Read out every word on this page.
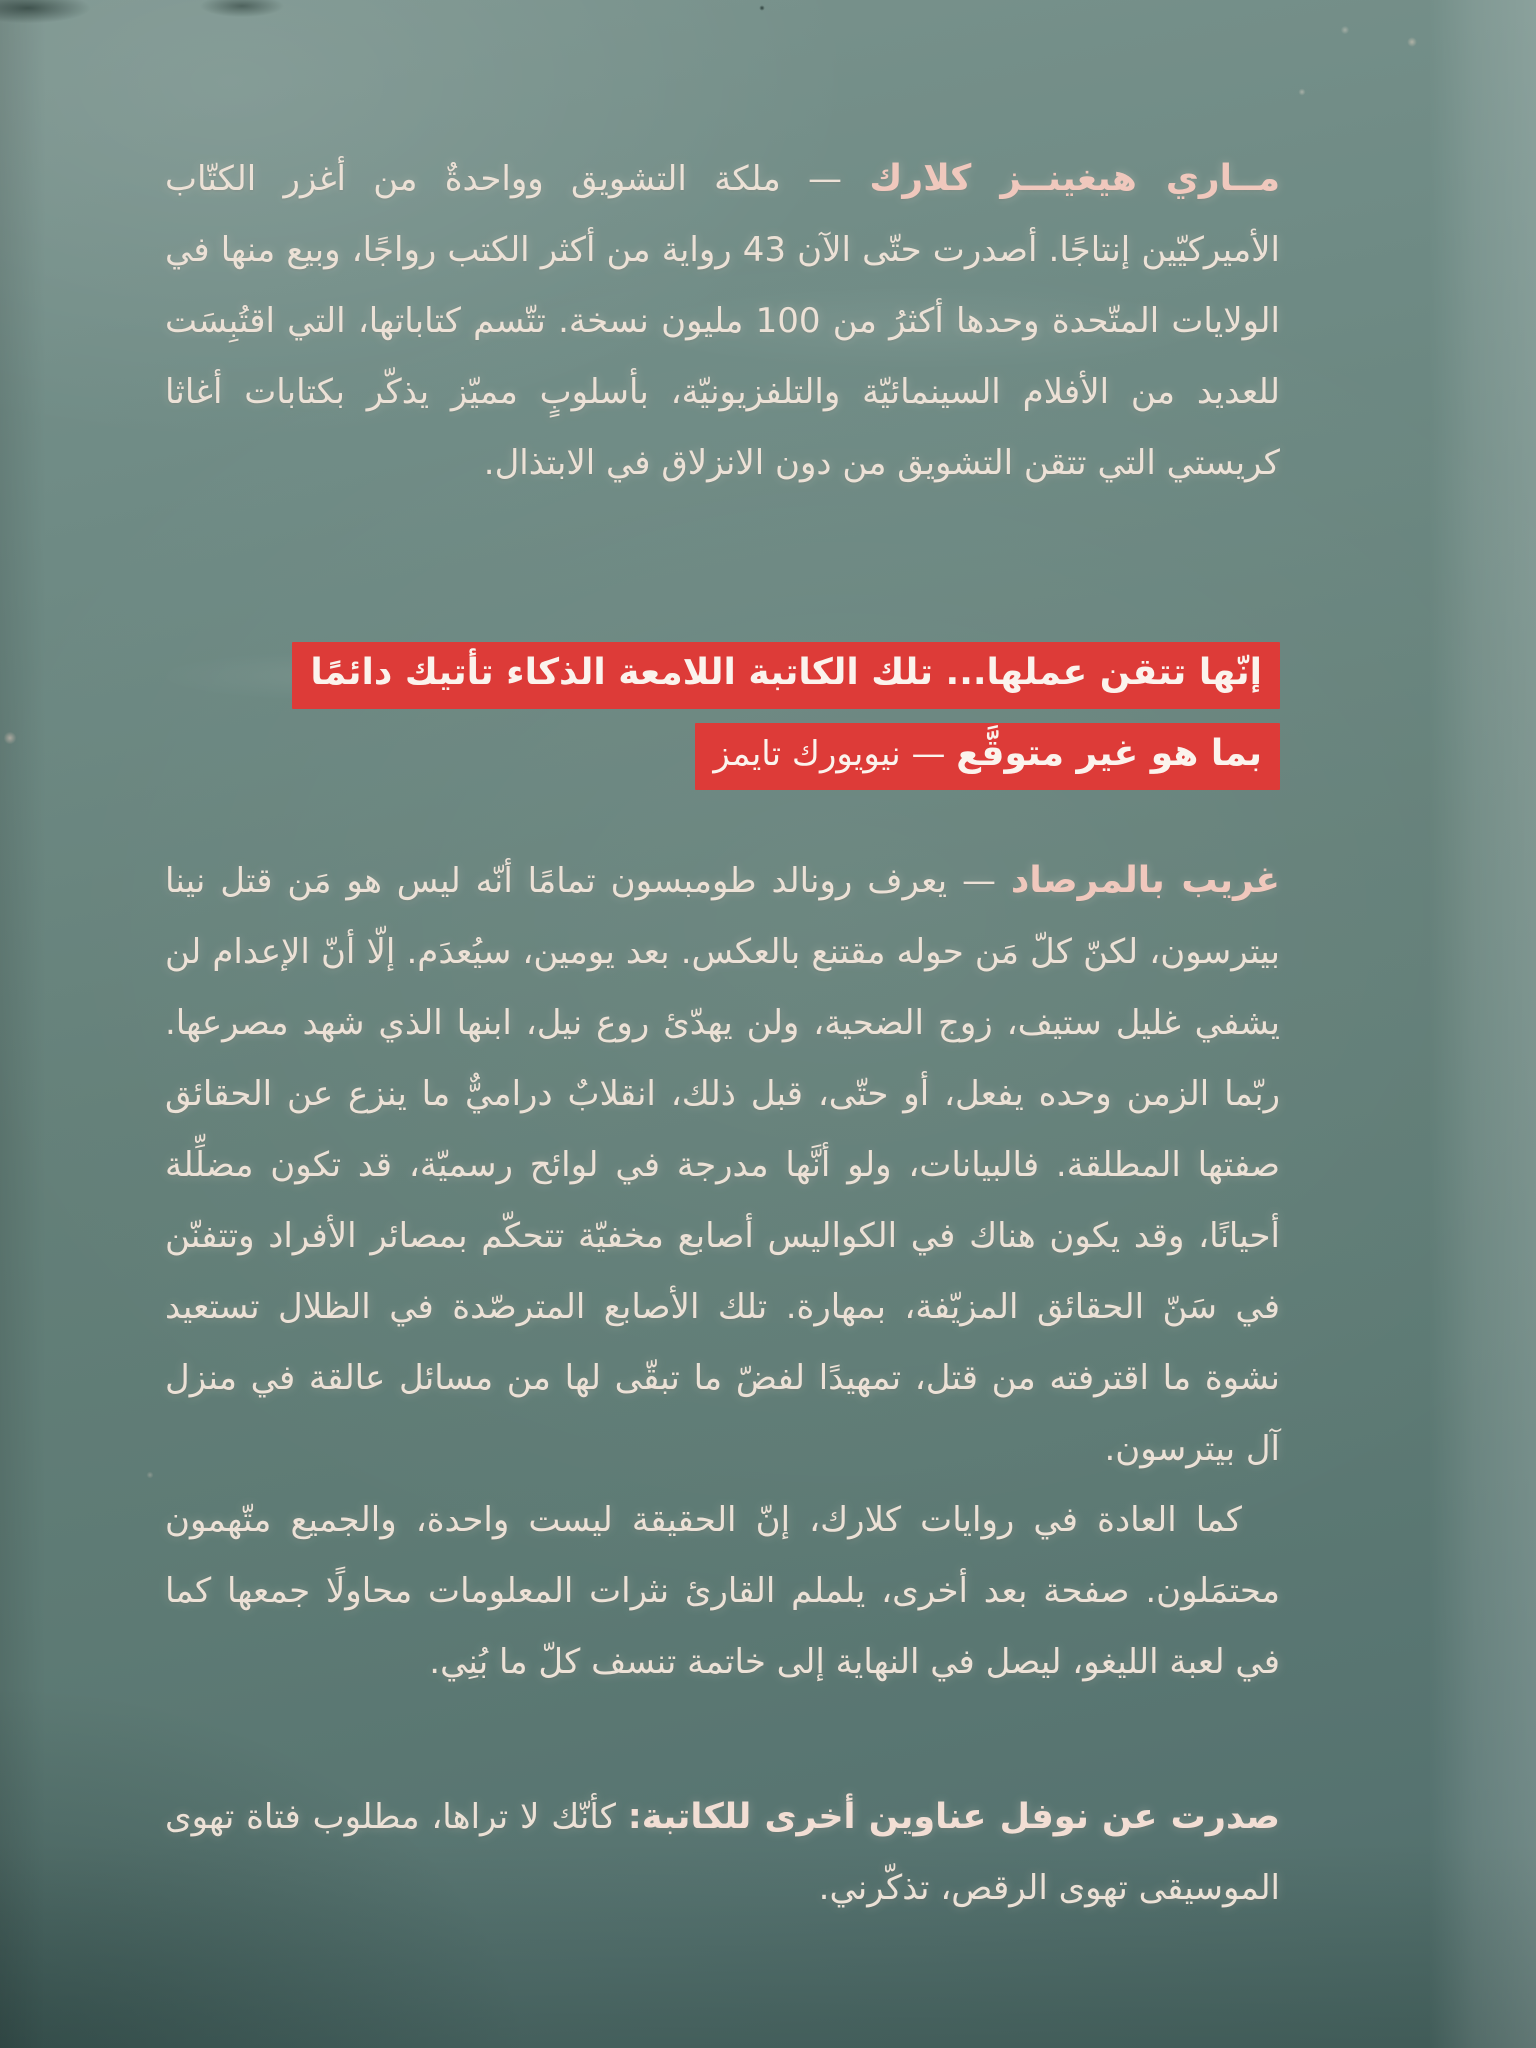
مــاري هيغينــز كلارك — ملكة التشويق وواحدةٌ من أغزر الكتّاب الأميركيّين إنتاجًا. أصدرت حتّى الآن 43 رواية من أكثر الكتب رواجًا، وبيع منها في الولايات المتّحدة وحدها أكثرُ من 100 مليون نسخة. تتّسم كتاباتها، التي اقتُبِسَت للعديد من الأفلام السينمائيّة والتلفزيونيّة، بأسلوبٍ مميّز يذكّر بكتابات أغاثا كريستي التي تتقن التشويق من دون الانزلاق في الابتذال.

إنّها تتقن عملها... تلك الكاتبة اللامعة الذكاء تأتيك دائمًا
بما هو غير متوقَّع — نيويورك تايمز

غريب بالمرصاد — يعرف رونالد طومبسون تمامًا أنّه ليس هو مَن قتل نينا بيترسون، لكنّ كلّ مَن حوله مقتنع بالعكس. بعد يومين، سيُعدَم. إلّا أنّ الإعدام لن يشفي غليل ستيف، زوج الضحية، ولن يهدّئ روع نيل، ابنها الذي شهد مصرعها. ربّما الزمن وحده يفعل، أو حتّى، قبل ذلك، انقلابٌ دراميٌّ ما ينزع عن الحقائق صفتها المطلقة. فالبيانات، ولو أنَّها مدرجة في لوائح رسميّة، قد تكون مضلِّلة أحيانًا، وقد يكون هناك في الكواليس أصابع مخفيّة تتحكّم بمصائر الأفراد وتتفنّن في سَنّ الحقائق المزيّفة، بمهارة. تلك الأصابع المترصّدة في الظلال تستعيد نشوة ما اقترفته من قتل، تمهيدًا لفضّ ما تبقّى لها من مسائل عالقة في منزل آل بيترسون.

كما العادة في روايات كلارك، إنّ الحقيقة ليست واحدة، والجميع متّهمون محتمَلون. صفحة بعد أخرى، يلملم القارئ نثرات المعلومات محاولًا جمعها كما في لعبة الليغو، ليصل في النهاية إلى خاتمة تنسف كلّ ما بُنِي.

صدرت عن نوفل عناوين أخرى للكاتبة: كأنّك لا تراها، مطلوب فتاة تهوى الموسيقى تهوى الرقص، تذكّرني.
